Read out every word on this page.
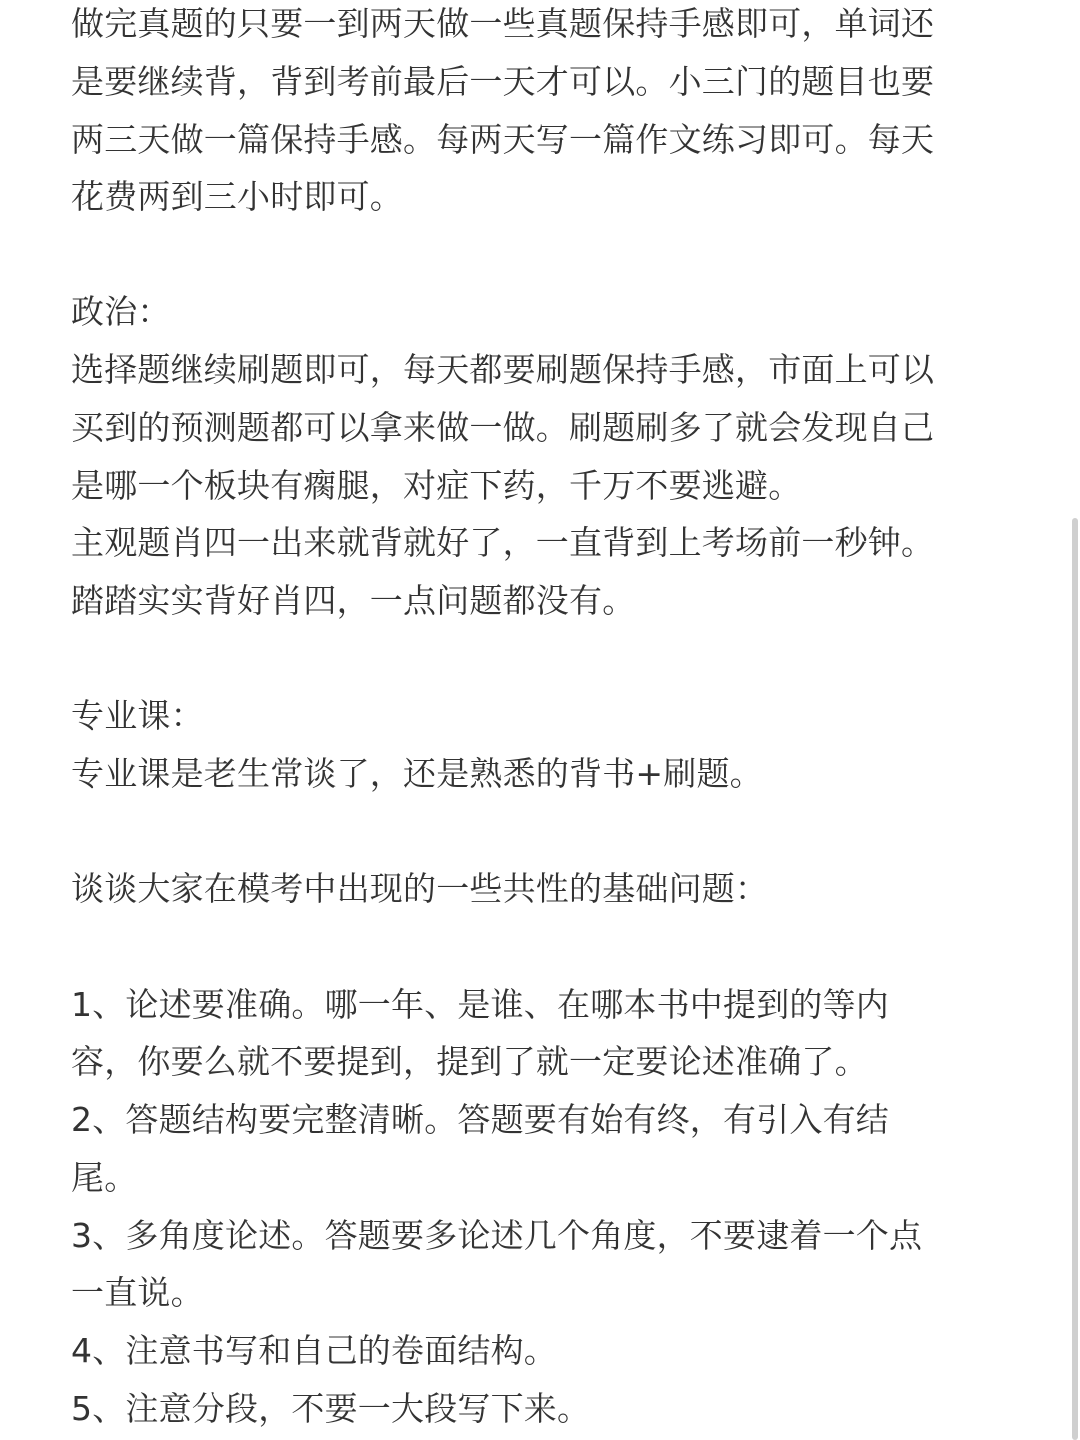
做完真题的只要一到两天做一些真题保持手感即可，单词还
是要继续背，背到考前最后一天才可以。小三门的题目也要
两三天做一篇保持手感。每两天写一篇作文练习即可。每天
花费两到三小时即可。
政治：
选择题继续刷题即可，每天都要刷题保持手感，市面上可以
买到的预测题都可以拿来做一做。刷题刷多了就会发现自己
是哪一个板块有瘸腿，对症下药，千万不要逃避。
主观题肖四一出来就背就好了，一直背到上考场前一秒钟。
踏踏实实背好肖四，一点问题都没有。
专业课：
专业课是老生常谈了，还是熟悉的背书+刷题。
谈谈大家在模考中出现的一些共性的基础问题：
1、论述要准确。哪一年、是谁、在哪本书中提到的等内
容，你要么就不要提到，提到了就一定要论述准确了。
2、答题结构要完整清晰。答题要有始有终，有引入有结
尾。
3、多角度论述。答题要多论述几个角度，不要逮着一个点
一直说。
4、注意书写和自己的卷面结构。
5、注意分段，不要一大段写下来。
